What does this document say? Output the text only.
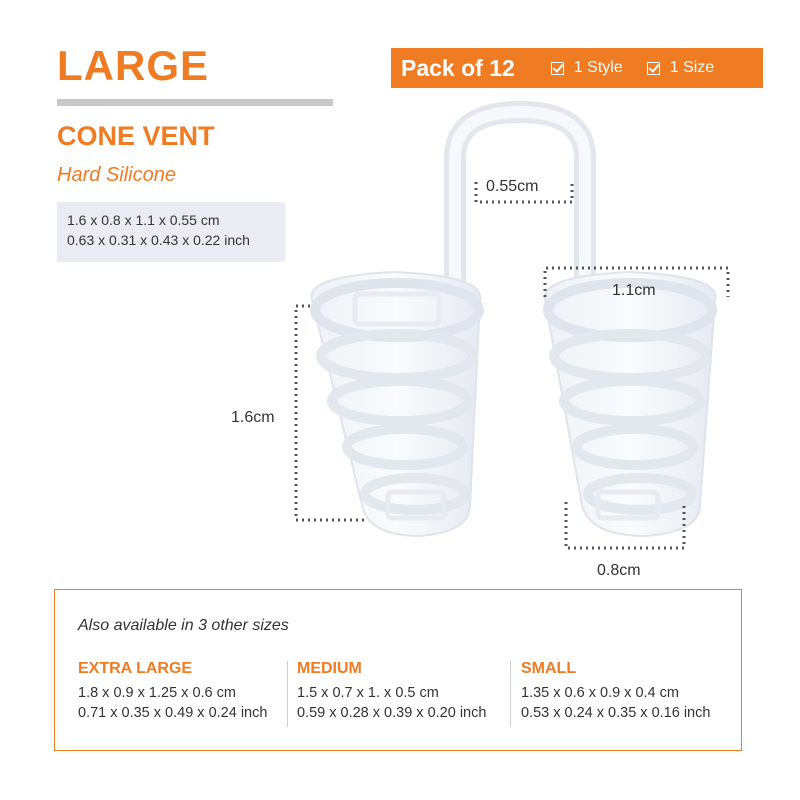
LARGE	Pack of 12	1 Style	1 Size
CONE VENT
Hard Silicone
1.6 x 0.8 x 1.1 x 0.55 cm
0.63 x 0.31 x 0.43 x 0.22 inch
0.55cm
1.1cm
1.6cm
0.8cm
Also available in 3 other sizes
EXTRA LARGE
1.8 x 0.9 x 1.25 x 0.6 cm
0.71 x 0.35 x 0.49 x 0.24 inch
MEDIUM
1.5 x 0.7 x 1. x 0.5 cm
0.59 x 0.28 x 0.39 x 0.20 inch
SMALL
1.35 x 0.6 x 0.9 x 0.4 cm
0.53 x 0.24 x 0.35 x 0.16 inch
